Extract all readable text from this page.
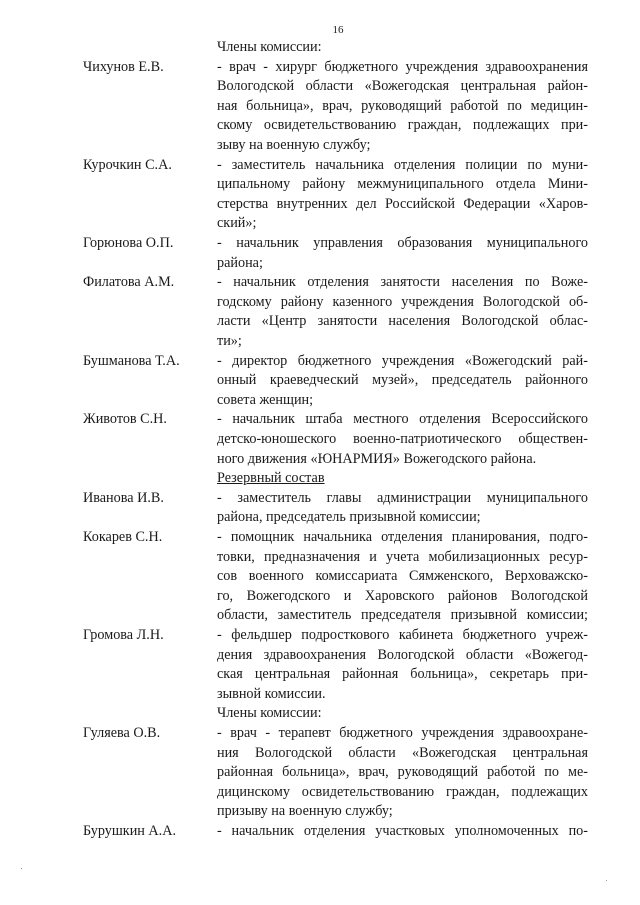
16
Члены комиссии:
Чихунов Е.В.	- врач - хирург бюджетного учреждения здравоохранения
Вологодской области «Вожегодская центральная район-
ная больница», врач, руководящий работой по медицин-
скому освидетельствованию граждан, подлежащих при-
зыву на военную службу;
Курочкин С.А.	- заместитель начальника отделения полиции по муни-
ципальному району межмуниципального отдела Мини-
стерства внутренних дел Российской Федерации «Харов-
ский»;
Горюнова О.П.	- начальник управления образования муниципального
района;
Филатова А.М.	- начальник отделения занятости населения по Воже-
годскому району казенного учреждения Вологодской об-
ласти «Центр занятости населения Вологодской облас-
ти»;
Бушманова Т.А.	- директор бюджетного учреждения «Вожегодский рай-
онный краеведческий музей», председатель районного
совета женщин;
Животов С.Н.	- начальник штаба местного отделения Всероссийского
детско-юношеского военно-патриотического обществен-
ного движения «ЮНАРМИЯ» Вожегодского района.
Резервный состав
Иванова И.В.	- заместитель главы администрации муниципального
района, председатель призывной комиссии;
Кокарев С.Н.	- помощник начальника отделения планирования, подго-
товки, предназначения и учета мобилизационных ресур-
сов военного комиссариата Сямженского, Верховажско-
го, Вожегодского и Харовского районов Вологодской
области, заместитель председателя призывной комиссии;
Громова Л.Н.	- фельдшер подросткового кабинета бюджетного учреж-
дения здравоохранения Вологодской области «Вожегод-
ская центральная районная больница», секретарь при-
зывной комиссии.
Члены комиссии:
Гуляева О.В.	- врач - терапевт бюджетного учреждения здравоохране-
ния Вологодской области «Вожегодская центральная
районная больница», врач, руководящий работой по ме-
дицинскому освидетельствованию граждан, подлежащих
призыву на военную службу;
Бурушкин А.А.	- начальник отделения участковых уполномоченных по-
